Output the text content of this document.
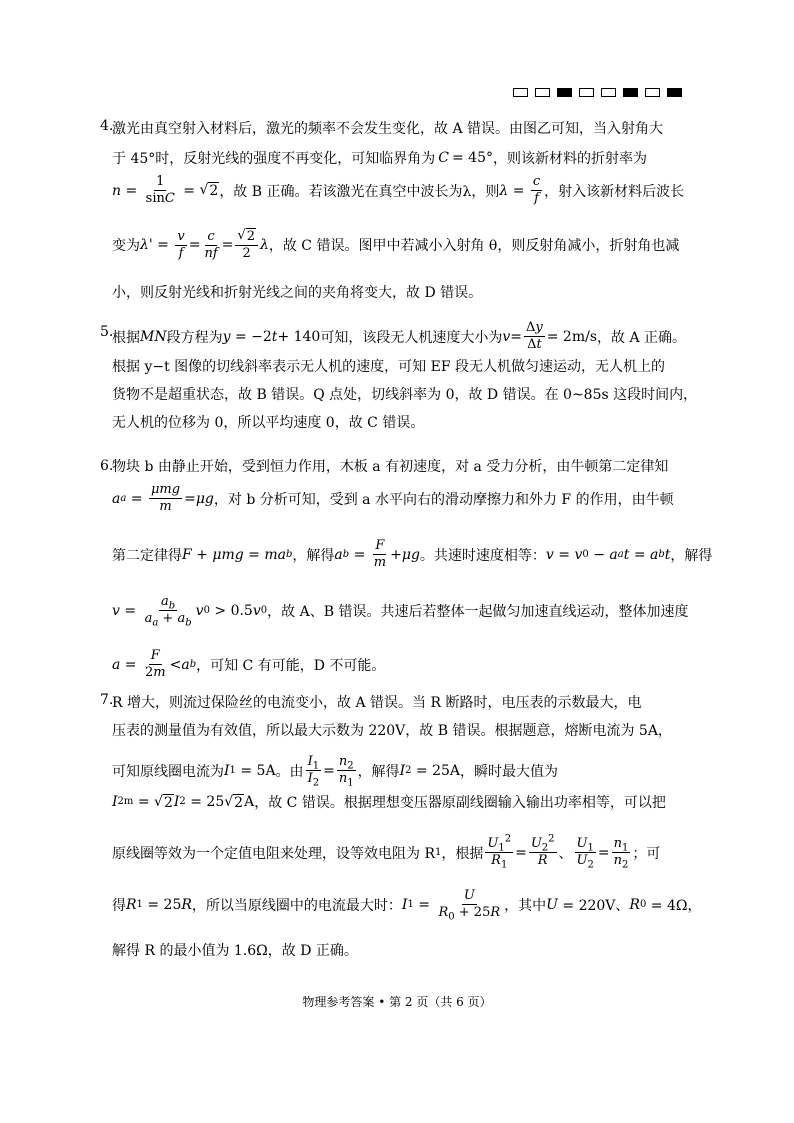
4.
激光由真空射入材料后，激光的频率不会发生变化，故 A 错误。由图乙可知，当入射角大
于 45°时，反射光线的强度不再变化，可知临界角为 C = 45° ，则该新材料的折射率为
$n = \frac{1}{\sin C}$ = √ 2 ，故 B 正确。若该激光在真空中波长为λ，则 $\lambda = \frac{c}{f}$ ，射入该新材料后波长
变为 $\lambda' = \frac{v}{f} = \frac{c}{nf} = \frac{√ 2}{2}$ λ ，故 C 错误。图甲中若减小入射角 θ，则反射角减小，折射角也减
小，则反射光线和折射光线之间的夹角将变大，故 D 错误。
5.
根据 MN 段方程为 y = −2 t + 140 可知，该段无人机速度大小为 $v = \frac{\Delta y}{\Delta t} = 2m/s$ ，故 A 正确。
根据 y−t 图像的切线斜率表示无人机的速度，可知 EF 段无人机做匀速运动，无人机上的
货物不是超重状态，故 B 错误。Q 点处，切线斜率为 0，故 D 错误。在 0~85s 这段时间内，
无人机的位移为 0，所以平均速度 0，故 C 错误。
6.
物块 b 由静止开始，受到恒力作用，木板 a 有初速度，对 a 受力分析，由牛顿第二定律知
a $a = \frac{\text{μmg}}{m} = \mu g$ ，对 b 分析可知，受到 a 水平向右的滑动摩擦力和外力 F 的作用，由牛顿
第二定律得 F + μmg = ma b ，解得 a $b = \frac{F}{m} + \mu g$ 。共速时速度相等： v = v 0 − a a t = a b t ，解得
$v = \frac{a_b}{a_a + a_b}$ v 0 > 0.5 v 0 ，故 A、B 错误。共速后若整体一起做匀加速直线运动，整体加速度
$a = \frac{F}{2m} < a$ b ，可知 C 有可能，D 不可能。
7.
R 增大，则流过保险丝的电流变小，故 A 错误。当 R 断路时，电压表的示数最大，电
压表的测量值为有效值，所以最大示数为 220V，故 B 错误。根据题意，熔断电流为 5A，
可知原线圈电流为 I 1 = 5A 。由 $\frac{I_1}{I_2} = \frac{n_2}{n_1}$ ，解得 I 2 = 25A ，瞬时最大值为
I 2m = √ 2 I 2 = 25 √ 2 A ，故 C 错误。根据理想变压器原副线圈输入输出功率相等，可以把
原线圈等效为一个定值电阻来处理，设等效电阻为 R 1 ，根据 $\frac{U_1^2}{R_1} = \frac{U_2^2}{R}$ 、 $\frac{U_1}{U_2} = \frac{n_1}{n_2}$ ；可
得 R 1 = 25 R ，所以当原线圈中的电流最大时： I $1 = \frac{U}{R_0 + 25R}$ ，其中 U = 220V、 R 0 = 4Ω，
解得 R 的最小值为 1.6Ω，故 D 正确。
物理参考答案 • 第 2 页（共 6 页）
